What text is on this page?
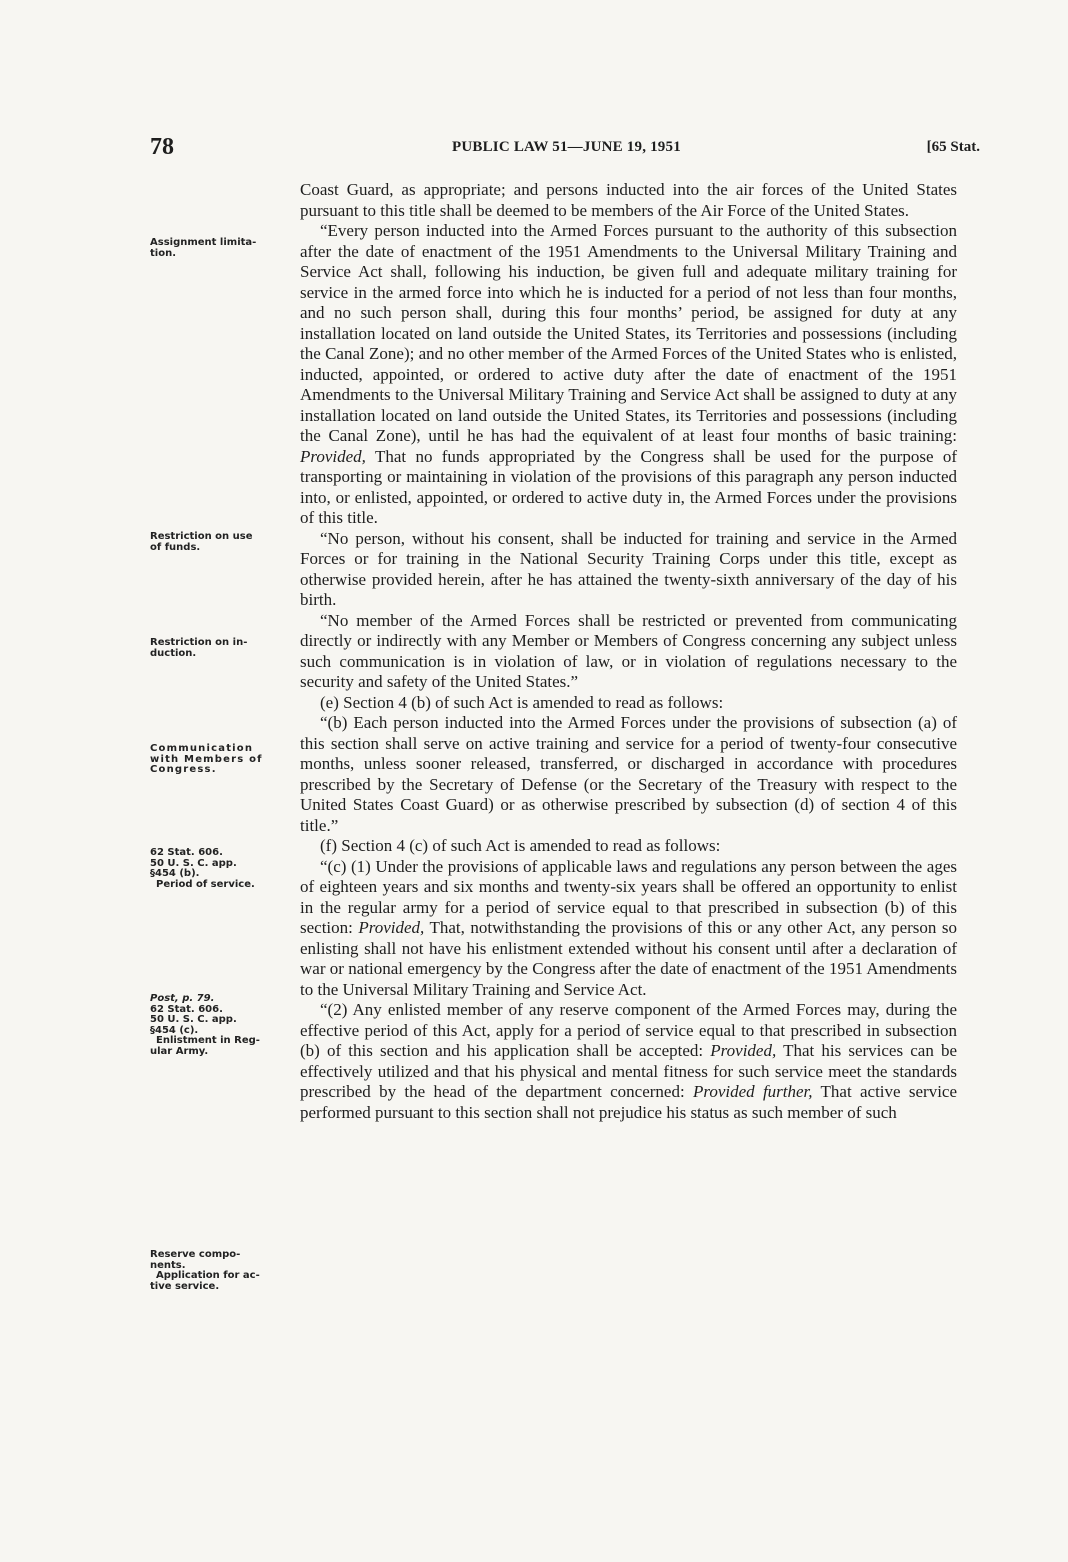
78	PUBLIC LAW 51—JUNE 19, 1951	[65 Stat.
Assignment limita-
tion.
Restriction on use
of funds.
Restriction on in-
duction.
Communication
with Members of
Congress.
62 Stat. 606.
50 U. S. C. app.
§454 (b).
Period of service.
Post, p. 79.
62 Stat. 606.
50 U. S. C. app.
§454 (c).
Enlistment in Reg-
ular Army.
Reserve compo-
nents.
Application for ac-
tive service.

Coast Guard, as appropriate; and persons inducted into the air forces of the United States pursuant to this title shall be deemed to be members of the Air Force of the United States.

“Every person inducted into the Armed Forces pursuant to the authority of this subsection after the date of enactment of the 1951 Amendments to the Universal Military Training and Service Act shall, following his induction, be given full and adequate military training for service in the armed force into which he is inducted for a period of not less than four months, and no such person shall, during this four months’ period, be assigned for duty at any installation located on land outside the United States, its Territories and possessions (including the Canal Zone); and no other member of the Armed Forces of the United States who is enlisted, inducted, appointed, or ordered to active duty after the date of enactment of the 1951 Amendments to the Universal Military Training and Service Act shall be assigned to duty at any installation located on land outside the United States, its Territories and possessions (including the Canal Zone), until he has had the equivalent of at least four months of basic training: Provided, That no funds appropriated by the Congress shall be used for the purpose of transporting or maintaining in violation of the provisions of this paragraph any person inducted into, or enlisted, appointed, or ordered to active duty in, the Armed Forces under the provisions of this title.

“No person, without his consent, shall be inducted for training and service in the Armed Forces or for training in the National Security Training Corps under this title, except as otherwise provided herein, after he has attained the twenty-sixth anniversary of the day of his birth.

“No member of the Armed Forces shall be restricted or prevented from communicating directly or indirectly with any Member or Members of Congress concerning any subject unless such communication is in violation of law, or in violation of regulations necessary to the security and safety of the United States.”

(e) Section 4 (b) of such Act is amended to read as follows:

“(b) Each person inducted into the Armed Forces under the provisions of subsection (a) of this section shall serve on active training and service for a period of twenty-four consecutive months, unless sooner released, transferred, or discharged in accordance with procedures prescribed by the Secretary of Defense (or the Secretary of the Treasury with respect to the United States Coast Guard) or as otherwise prescribed by subsection (d) of section 4 of this title.”

(f) Section 4 (c) of such Act is amended to read as follows:

“(c) (1) Under the provisions of applicable laws and regulations any person between the ages of eighteen years and six months and twenty-six years shall be offered an opportunity to enlist in the regular army for a period of service equal to that prescribed in subsection (b) of this section: Provided, That, notwithstanding the provisions of this or any other Act, any person so enlisting shall not have his enlistment extended without his consent until after a declaration of war or national emergency by the Congress after the date of enactment of the 1951 Amendments to the Universal Military Training and Service Act.

“(2) Any enlisted member of any reserve component of the Armed Forces may, during the effective period of this Act, apply for a period of service equal to that prescribed in subsection (b) of this section and his application shall be accepted: Provided, That his services can be effectively utilized and that his physical and mental fitness for such service meet the standards prescribed by the head of the department concerned: Provided further, That active service performed pursuant to this section shall not prejudice his status as such member of such
